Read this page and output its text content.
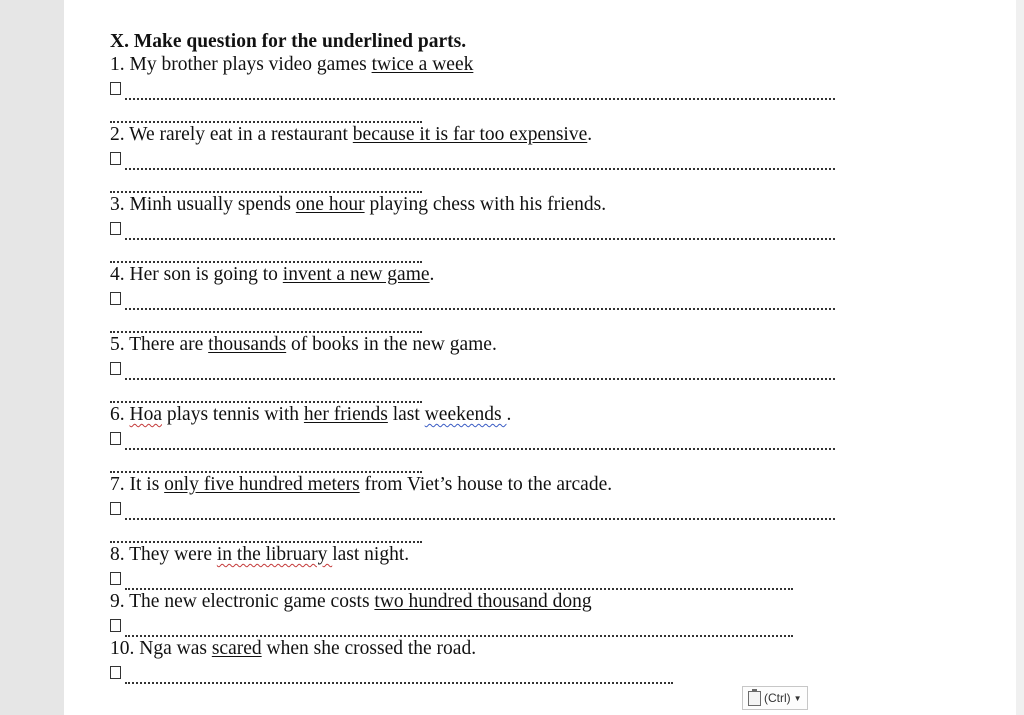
X. Make question for the underlined parts.
1. My brother plays video games twice a week
2. We rarely eat in a restaurant because it is far too expensive.
3. Minh usually spends one hour playing chess with his friends.
4. Her son is going to invent a new game.
5. There are thousands of books in the new game.
6. Hoa plays tennis with her friends last weekends .
7. It is only five hundred meters from Viet’s house to the arcade.
8. They were in the libruary last night.
9. The new electronic game costs two hundred thousand dong
10. Nga was scared when she crossed the road.
(Ctrl) ▼
